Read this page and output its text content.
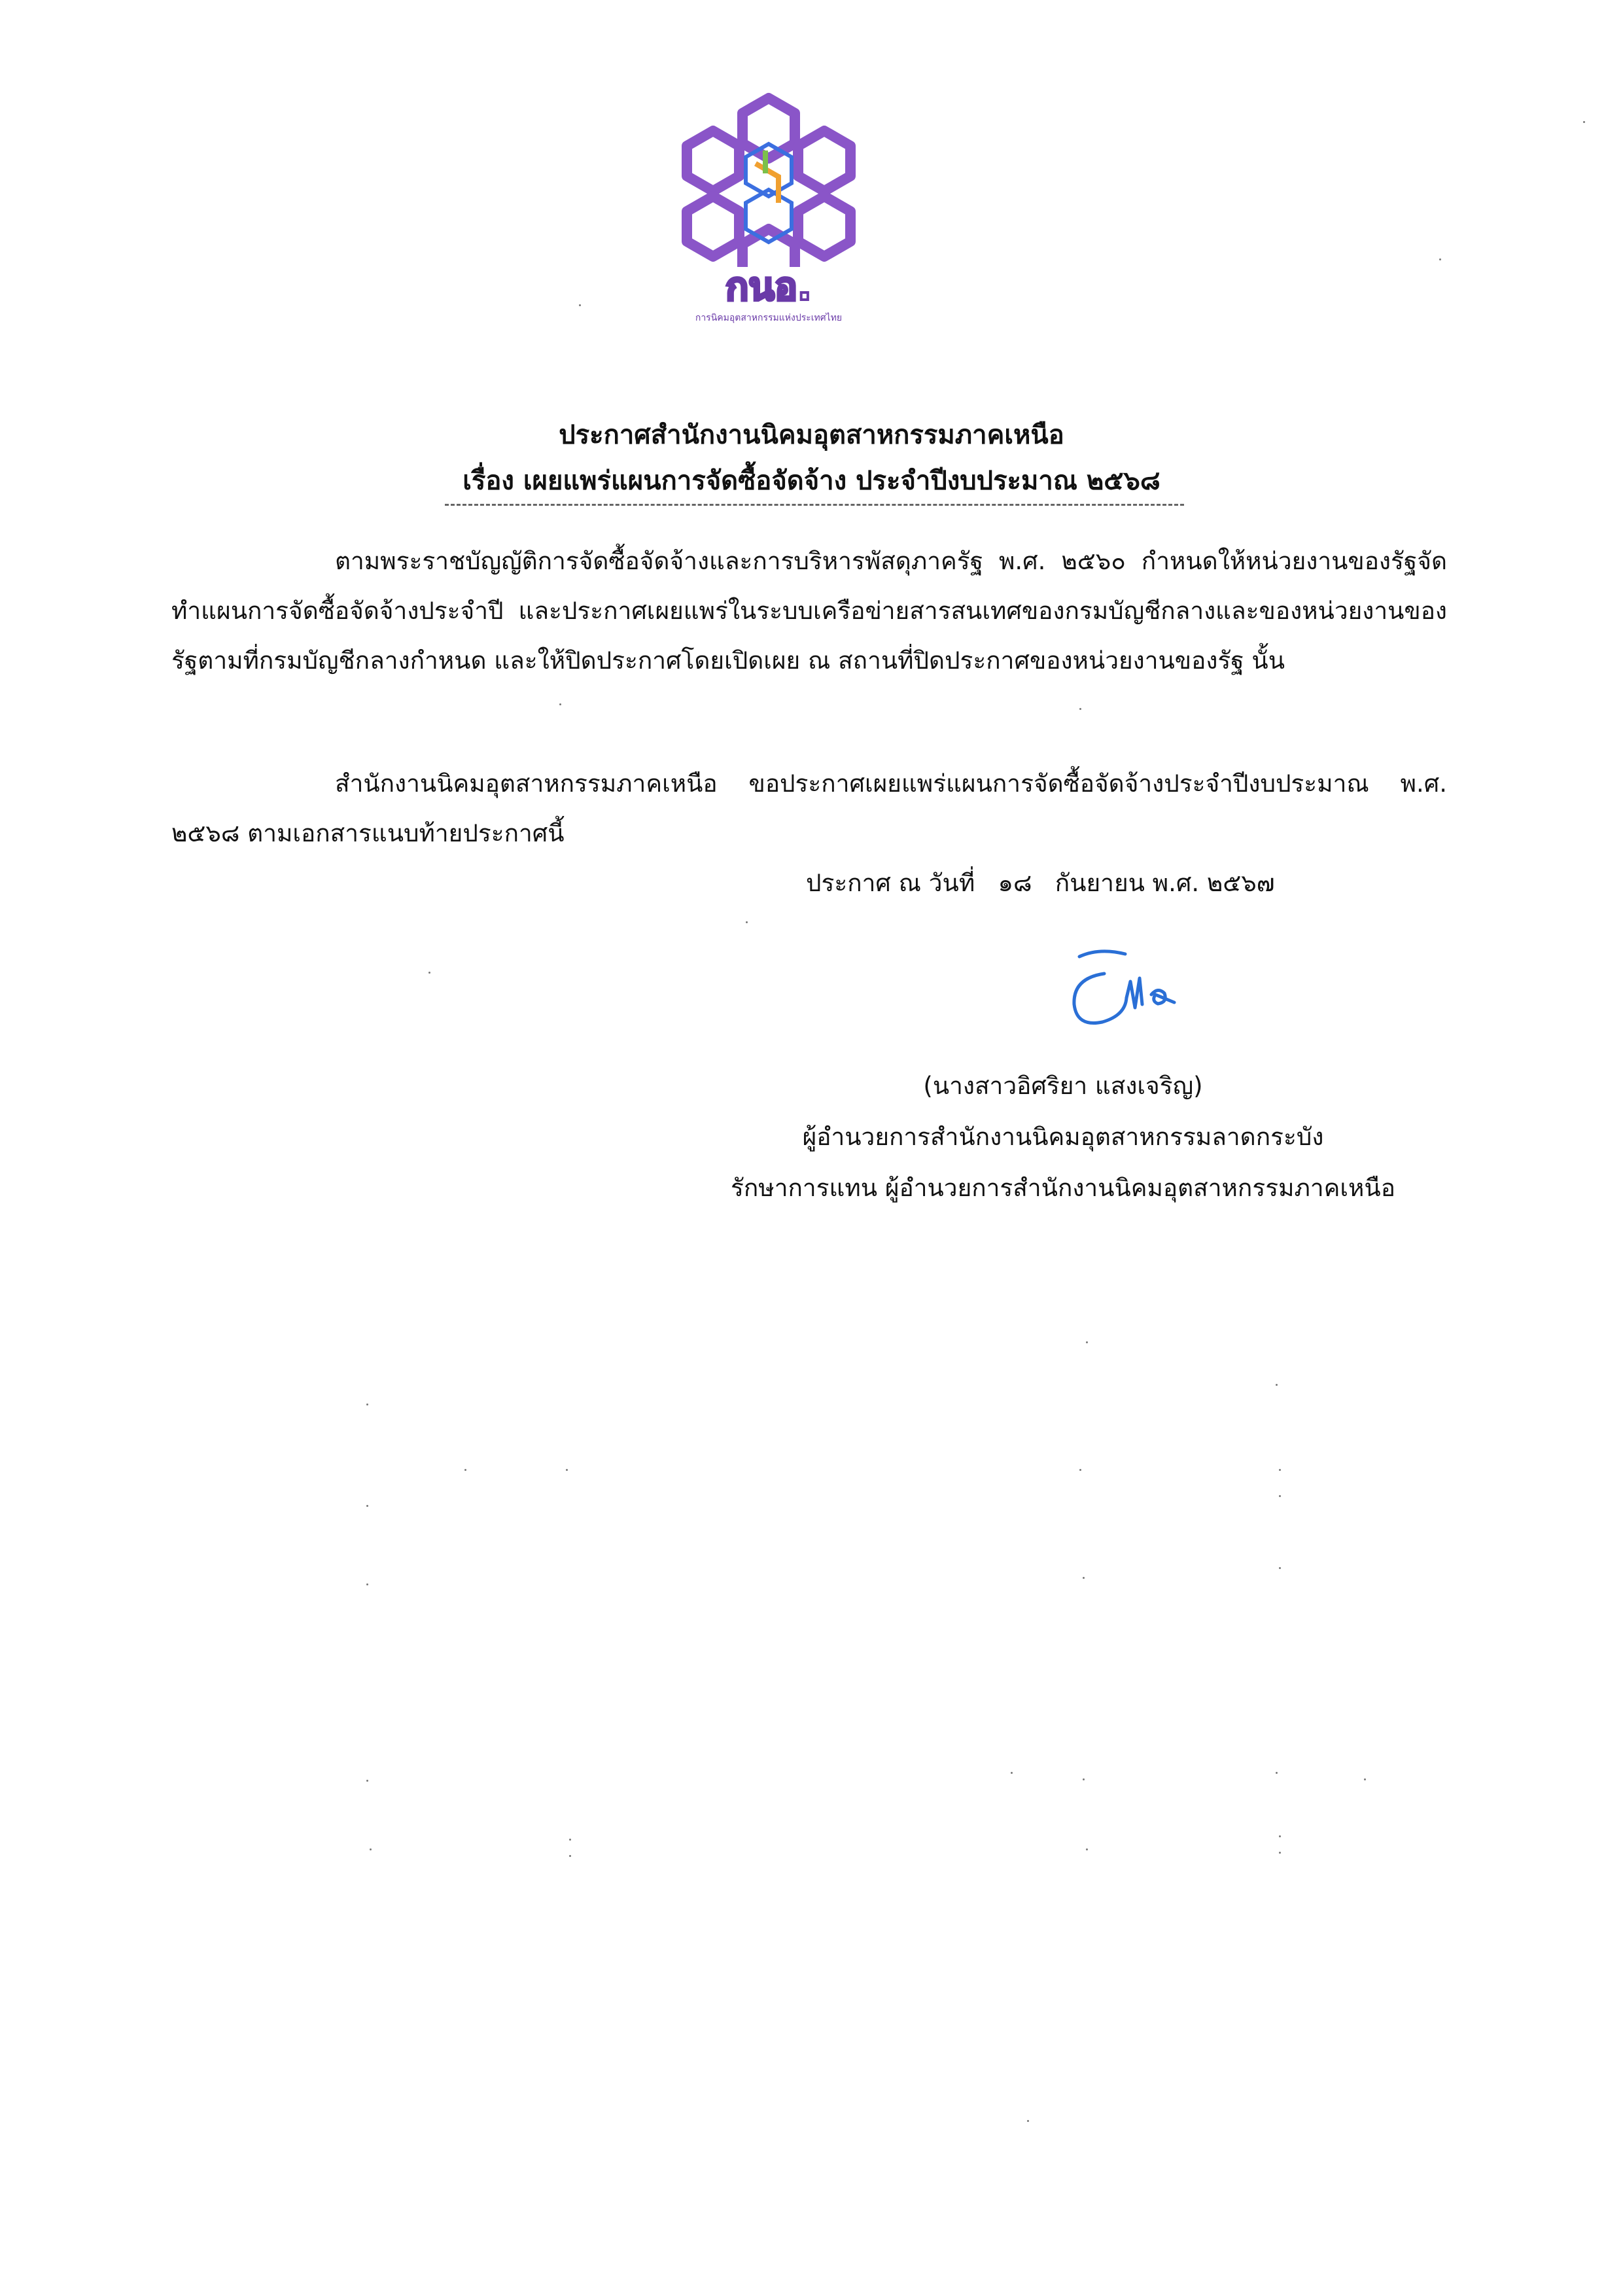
กนอ.
การนิคมอุตสาหกรรมแห่งประเทศไทย
ประกาศสำนักงานนิคมอุตสาหกรรมภาคเหนือ
เรื่อง เผยแพร่แผนการจัดซื้อจัดจ้าง ประจำปีงบประมาณ ๒๕๖๘

ตามพระราชบัญญัติการจัดซื้อจัดจ้างและการบริหารพัสดุภาครัฐ พ.ศ. ๒๕๖๐ กำหนดให้หน่วยงานของรัฐจัดทำแผนการจัดซื้อจัดจ้างประจำปี และประกาศเผยแพร่ในระบบเครือข่ายสารสนเทศของกรมบัญชีกลางและของหน่วยงานของรัฐตามที่กรมบัญชีกลางกำหนด และให้ปิดประกาศโดยเปิดเผย ณ สถานที่ปิดประกาศของหน่วยงานของรัฐ นั้น

สำนักงานนิคมอุตสาหกรรมภาคเหนือ ขอประกาศเผยแพร่แผนการจัดซื้อจัดจ้างประจำปีงบประมาณ พ.ศ. ๒๕๖๘ ตามเอกสารแนบท้ายประกาศนี้

ประกาศ ณ วันที่   ๑๘   กันยายน พ.ศ. ๒๕๖๗
(นางสาวอิศริยา แสงเจริญ)
ผู้อำนวยการสำนักงานนิคมอุตสาหกรรมลาดกระบัง
รักษาการแทน ผู้อำนวยการสำนักงานนิคมอุตสาหกรรมภาคเหนือ
